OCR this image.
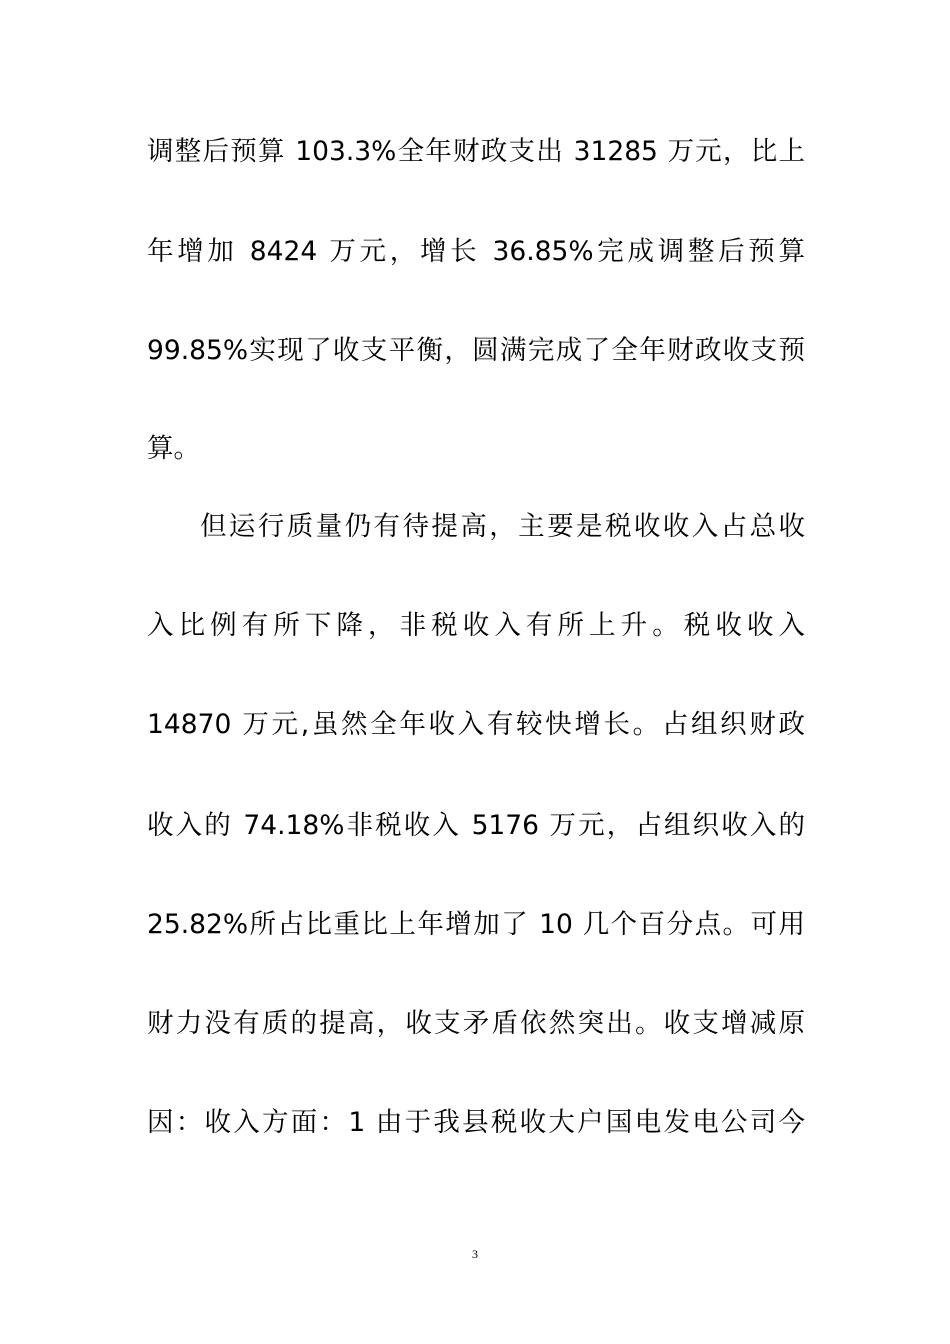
调整后预算 103.3%全年财政支出 31285 万元，比上
年增加 8424 万元，增长 36.85%完成调整后预算
99.85%实现了收支平衡，圆满完成了全年财政收支预
算。
但运行质量仍有待提高，主要是税收收入占总收
入比例有所下降，非税收入有所上升。税收收入
14870 万元,虽然全年收入有较快增长。占组织财政
收入的 74.18%非税收入 5176 万元，占组织收入的
25.82%所占比重比上年增加了 10 几个百分点。可用
财力没有质的提高，收支矛盾依然突出。收支增减原
因：收入方面：1 由于我县税收大户国电发电公司今
3
